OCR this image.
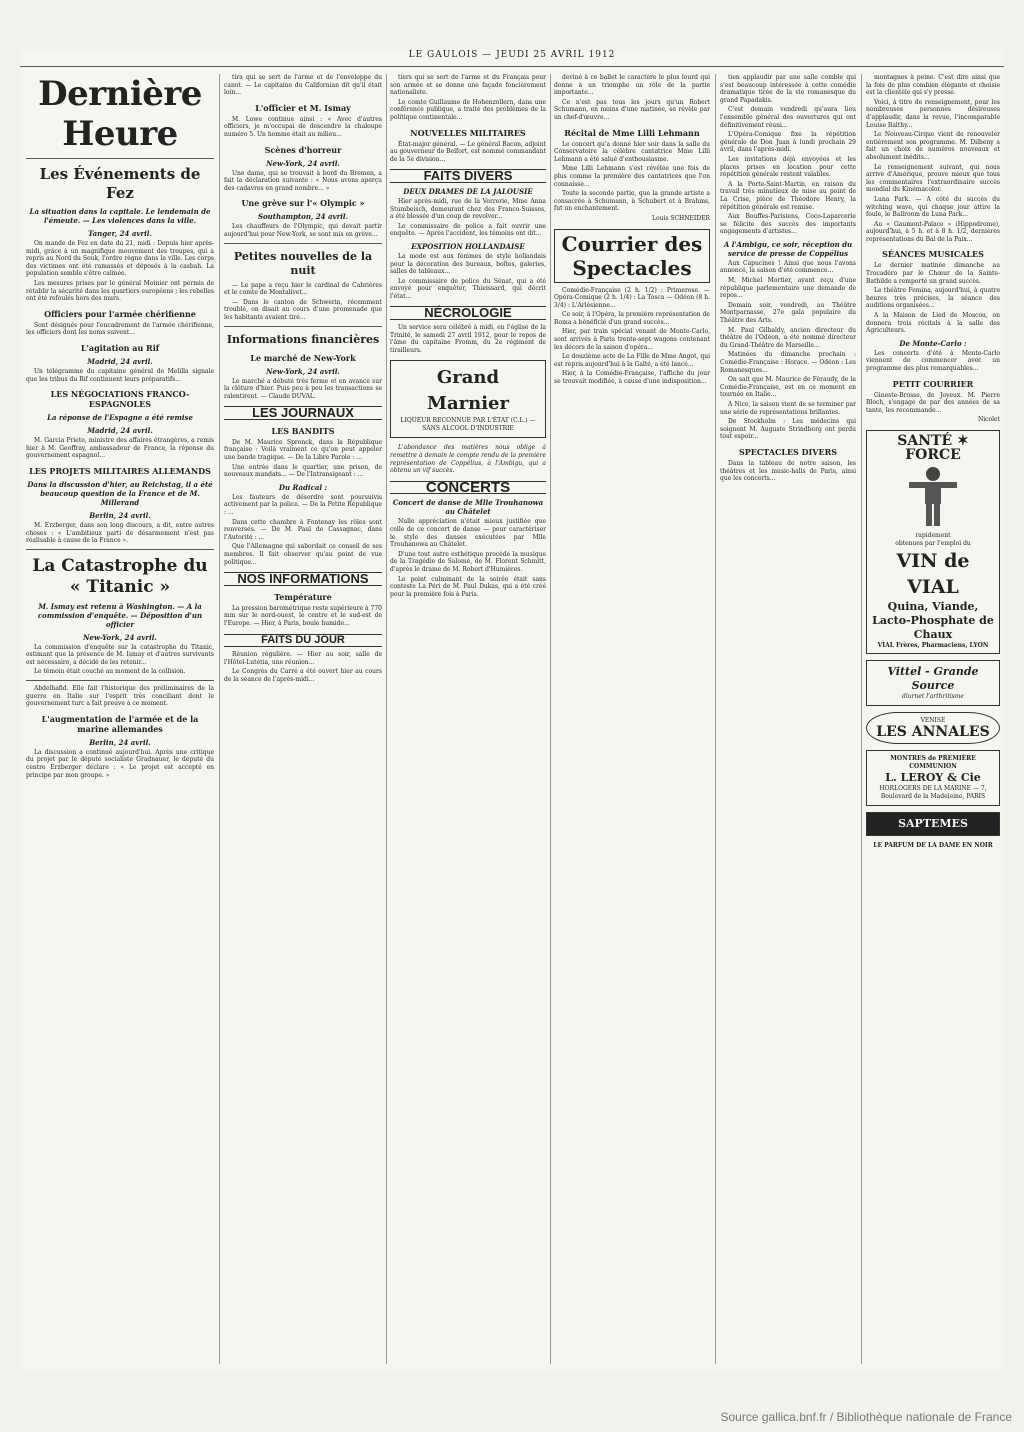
LE GAULOIS — JEUDI 25 AVRIL 1912
Dernière Heure
Les Événements de Fez
La situation dans la capitale. Le lendemain de l'émeute. — Les violences dans la ville.
Tanger, 24 avril.

On mande de Fez en date du 21, midi : Depuis hier après-midi, grâce à un magnifique mouvement des troupes, qui a repris au Nord du Souk, l'ordre règne dans la ville. Les corps des victimes ont été ramassés et déposés à la casbah. La population semble s'être calmée.

Les mesures prises par le général Moinier ont permis de rétablir la sécurité dans les quartiers européens ; les rebelles ont été refoulés hors des murs.

Officiers pour l'armée chérifienne

Sont désignés pour l'encadrement de l'armée chérifienne, les officiers dont les noms suivent...

L'agitation au Rif
Madrid, 24 avril.

Un télégramme du capitaine général de Melilla signale que les tribus du Rif continuent leurs préparatifs...

LES NÉGOCIATIONS FRANCO-ESPAGNOLES
La réponse de l'Espagne a été remise
Madrid, 24 avril.

M. Garcia Prieto, ministre des affaires étrangères, a remis hier à M. Geoffray, ambassadeur de France, la réponse du gouvernement espagnol...

LES PROJETS MILITAIRES ALLEMANDS
Dans la discussion d'hier, au Reichstag, il a été beaucoup question de la France et de M. Millerand
Berlin, 24 avril.

M. Erzberger, dans son long discours, a dit, entre autres choses : « L'ambitieux parti de désarmement n'est pas réalisable à cause de la France ».

La Catastrophe du « Titanic »
M. Ismay est retenu à Washington. — A la commission d'enquête. — Déposition d'un officier
New-York, 24 avril.

La commission d'enquête sur la catastrophe du Titanic, estimant que la présence de M. Ismay et d'autres survivants est nécessaire, a décidé de les retenir...

Le témoin était couché au moment de la collision.

Abdelhafid. Elle fait l'historique des préliminaires de la guerre en Italie sur l'esprit très conciliant dont le gouvernement turc a fait preuve à ce moment.

L'augmentation de l'armée et de la marine allemandes
Berlin, 24 avril.

La discussion a continué aujourd'hui. Après une critique du projet par le député socialiste Gradnauer, le député du centre Erzberger déclare : « Le projet est accepté en principe par mon groupe. »

tira qui se sert de l'arme et de l'enveloppe du canot. — Le capitaine du Californian dit qu'il était loin...

L'officier et M. Ismay

M. Lowe continue ainsi : « Avec d'autres officiers, je m'occupai de descendre la chaloupe numéro 5. Un homme était au milieu...

Scènes d'horreur
New-York, 24 avril.

Une dame, qui se trouvait à bord du Bremen, a fait la déclaration suivante : « Nous avons aperçu des cadavres en grand nombre... »

Une grève sur l'« Olympic »
Southampton, 24 avril.

Les chauffeurs de l'Olympic, qui devait partir aujourd'hui pour New-York, se sont mis en grève...

Petites nouvelles de la nuit

— Le pape a reçu hier le cardinal de Cabrières et le comte de Montalivet...

— Dans le canton de Schwerin, récemment troublé, on disait au cours d'une promenade que les habitants avaient tiré...

Informations financières
Le marché de New-York
New-York, 24 avril.

Le marché a débuté très ferme et en avance sur la clôture d'hier. Puis peu à peu les transactions se ralentirent. — Claude DUVAL.

LES JOURNAUX
LES BANDITS

De M. Maurice Spronck, dans la République française : Voilà vraiment ce qu'on peut appeler une bande tragique. — De la Libre Parole : ...

Une entrée dans le quartier, une prison, de nouveaux mandats... — De l'Intransigeant : ...

Du Radical :

Les fauteurs de désordre sont poursuivis activement par la police. — De la Petite République : ...

Dans cette chambre à Fontenay les rôles sont renversés. — De M. Paul de Cassagnac, dans l'Autorité : ...

Que l'Allemagne qui sabordait ce conseil de ses membres. Il fait observer qu'au point de vue politique...

NOS INFORMATIONS
Température

La pression barométrique reste supérieure à 770 mm sur le nord-ouest, le centre et le sud-est de l'Europe. — Hier, à Paris, boule humide...

FAITS DU JOUR

Réunion régulière. — Hier au soir, salle de l'Hôtel-Lutétia, une réunion...

Le Congrès du Carré a été ouvert hier au cours de la séance de l'après-midi...

tiers qui se sert de l'arme et du Français pour son armée et se donne une façade foncièrement nationaliste.

Le comte Guillaume de Hohenzollern, dans une conférence publique, a traité des problèmes de la politique continentale...

NOUVELLES MILITAIRES

État-major général. — Le général Bacon, adjoint au gouverneur de Belfort, est nommé commandant de la 5e division...

FAITS DIVERS
DEUX DRAMES DE LA JALOUSIE

Hier après-midi, rue de la Verrerie, Mme Anna Stumbeisch, demeurant chez des Franco-Suisses, a été blessée d'un coup de revolver...

Le commissaire de police a fait ouvrir une enquête. — Après l'accident, les témoins ont dit...

EXPOSITION HOLLANDAISE

La mode est aux femmes de style hollandais pour la décoration des bureaux, boîtes, galeries, salles de tableaux...

Le commissaire de police du Sénat, qui a été envoyé pour enquêter, Thieissard, qui décrit l'état...

NÉCROLOGIE

Un service sera célébré à midi, en l'église de la Trinité, le samedi 27 avril 1912, pour le repos de l'âme du capitaine Fromm, du 2e régiment de tirailleurs.

Grand Marnier
LIQUEUR RECONNUE PAR L'ÉTAT (C.L.) — SANS ALCOOL D'INDUSTRIE

L'abondance des matières nous oblige à remettre à demain le compte rendu de la première représentation de Coppélius, à l'Ambigu, qui a obtenu un vif succès.

CONCERTS
Concert de danse de Mlle Trouhanowa au Châtelet

Nulle appréciation n'était mieux justifiée que celle de ce concert de danse — pour caractériser le style des danses exécutées par Mlle Trouhanowa au Châtelet.

D'une tout autre esthétique procède la musique de la Tragédie de Salomé, de M. Florent Schmitt, d'après le drame de M. Robert d'Humières.

Le point culminant de la soirée était sans conteste La Péri de M. Paul Dukas, qui a été créé pour la première fois à Paris.

deviné à ce ballet le caractère le plus lourd qui donne à un triomphe un rôle de la partie importante...

Ce n'est pas tous les jours qu'un Robert Schumann, en moins d'une matinée, se révèle par un chef-d'œuvre...

Récital de Mme Lilli Lehmann

Le concert qu'a donné hier soir dans la salle du Conservatoire la célèbre cantatrice Mme Lilli Lehmann a été salué d'enthousiasme.

Mme Lilli Lehmann s'est révélée une fois de plus comme la première des cantatrices que l'on connaisse...

Toute la seconde partie, que la grande artiste a consacrée à Schumann, à Schubert et à Brahms, fut un enchantement.

Louis SCHNEIDER
Courrier des Spectacles

Comédie-Française (2 h. 1/2) : Primerose. — Opéra-Comique (2 h. 1/4) : La Tosca — Odéon (8 h. 3/4) : L'Arlésienne...

Ce soir, à l'Opéra, la première représentation de Roma a bénéficié d'un grand succès...

Hier, par train spécial venant de Monte-Carlo, sont arrivés à Paris trente-sept wagons contenant les décors de la saison d'opéra...

Le douzième acte de La Fille de Mme Angot, qui est repris aujourd'hui à la Gaîté, a été lancé...

Hier, à la Comédie-Française, l'affiche du jour se trouvait modifiée, à cause d'une indisposition...

tien applaudir par une salle comble qui s'est beaucoup intéressée à cette comédie dramatique tirée de la vie romanesque du grand Papadakis.

C'est demain vendredi qu'aura lieu l'ensemble général des ouvertures qui ont définitivement réuni...

L'Opéra-Comique fixe la répétition générale de Don Juan à lundi prochain 29 avril, dans l'après-midi.

Les invitations déjà envoyées et les places prises en location pour cette répétition générale restent valables.

A la Porte-Saint-Martin, en raison du travail très minutieux de mise au point de La Crise, pièce de Théodore Henry, la répétition générale est remise.

Aux Bouffes-Parisiens, Coco-Laparcerie se félicite des succès des importants engagements d'artistes...

A l'Ambigu, ce soir, réception du service de presse de Coppélius

Aux Capucines ! Ainsi que nous l'avons annoncé, la saison d'été commence...

M. Michel Mortier, ayant reçu d'une république parlementaire une demande de repos...

Demain soir, vendredi, au Théâtre Montparnasse, 27e gala populaire du Théâtre des Arts.

M. Paul Gilbaldy, ancien directeur du théâtre de l'Odéon, a été nommé directeur du Grand-Théâtre de Marseille...

Matinées du dimanche prochain : Comédie-Française : Horace. — Odéon : Les Romanesques...

On sait que M. Maurice de Féraudy, de la Comédie-Française, est en ce moment en tournée en Italie...

A Nice, la saison vient de se terminer par une série de représentations brillantes.

De Stockholm : Les médecins qui soignent M. Auguste Strindberg ont perdu tout espoir...

SPECTACLES DIVERS

Dans la tableau de notre saison, les théâtres et les music-halls de Paris, ainsi que les concerts...

montagnes à peine. C'est dire ainsi que la fois de plus combien élégante et choisie est la clientèle qui s'y presse.

Voici, à titre de renseignement, pour les nombreuses personnes désireuses d'applaudir, dans la revue, l'incomparable Louise Balthy...

Le Nouveau-Cirque vient de renouveler entièrement son programme. M. Dilbeny a fait un choix de numéros nouveaux et absolument inédits...

Le renseignement suivant, qui nous arrive d'Amérique, prouve mieux que tous les commentaires l'extraordinaire succès mondial du Kinémacolor.

Luna Park. — A côté du succès du witching wave, qui chaque jour attire la foule, le Ballroom de Luna Park...

Au « Gaumont-Palace » (Hippodrome), aujourd'hui, à 5 h. et à 8 h. 1/2, dernières représentations du Bal de la Paix...

SÉANCES MUSICALES

Le dernier matinée dimanche au Trocadéro par le Chœur de la Sainte-Bathilde a remporté un grand succès.

Le théâtre Femina, aujourd'hui, à quatre heures très précises, la séance des auditions organisées...

A la Maison de Lied de Moscou, on donnera trois récitals à la salle des Agriculteurs.

De Monte-Carlo :

Les concerts d'été à Monte-Carlo viennent de commencer avec un programme des plus remarquables...

PETIT COURRIER

Gineste-Brosse, de Joyeux. M. Pierre Bloch, s'engage de par des années de sa tante, les recommande...

Nicolet
SANTÉ ✶ FORCE
rapidement
obtenues par l'emploi du
VIN de VIAL
Quina, Viande, Lacto-Phosphate de Chaux
VIAL Frères, Pharmaciens, LYON
Vittel - Grande Source
diurnet l'arthritisme
VENISE
LES ANNALES
MONTRES de PREMIÈRE COMMUNION
L. LEROY & Cie
HORLOGERS DE LA MARINE — 7, Boulevard de la Madeleine, PARIS
SAPTEMES
LE PARFUM DE LA DAME EN NOIR
Source gallica.bnf.fr / Bibliothèque nationale de France
